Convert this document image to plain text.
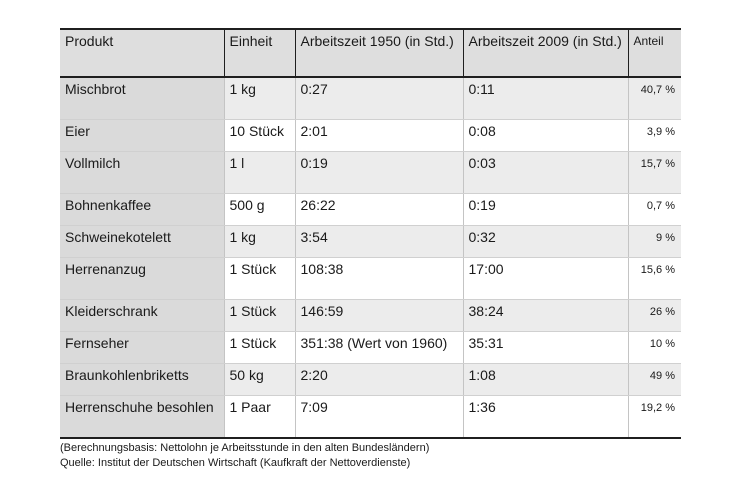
Produkt	Einheit	Arbeitszeit 1950 (in Std.)	Arbeitszeit 2009 (in Std.)	Anteil
Mischbrot	1 kg	0:27	0:11	40,7 %
Eier	10 Stück	2:01	0:08	3,9 %
Vollmilch	1 l	0:19	0:03	15,7 %
Bohnenkaffee	500 g	26:22	0:19	0,7 %
Schweinekotelett	1 kg	3:54	0:32	9 %
Herrenanzug	1 Stück	108:38	17:00	15,6 %
Kleiderschrank	1 Stück	146:59	38:24	26 %
Fernseher	1 Stück	351:38 (Wert von 1960)	35:31	10 %
Braunkohlenbriketts	50 kg	2:20	1:08	49 %
Herrenschuhe besohlen	1 Paar	7:09	1:36	19,2 %
(Berechnungsbasis: Nettolohn je Arbeitsstunde in den alten Bundesländern)
Quelle: Institut der Deutschen Wirtschaft (Kaufkraft der Nettoverdienste)
